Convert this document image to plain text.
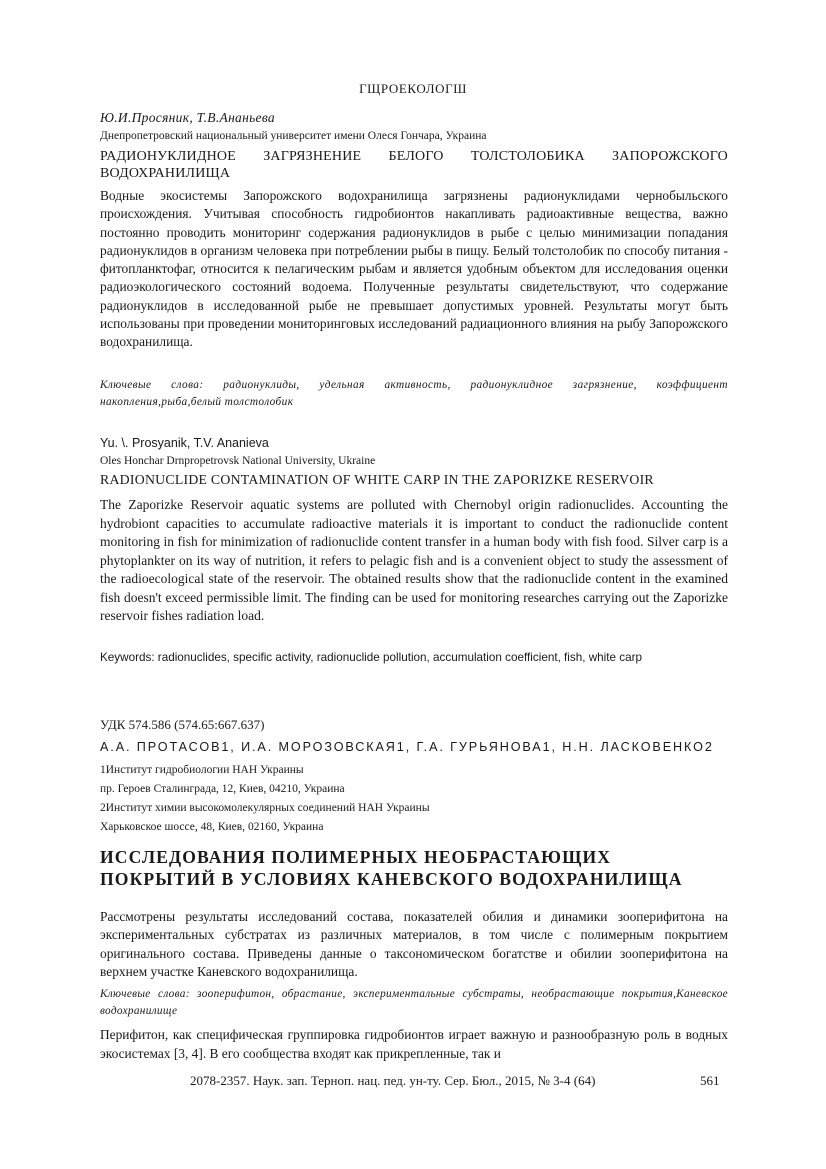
ГЩРОЕКОЛОГШ
Ю.И.Просяник, Т.В.Ананьева
Днепропетровский национальный университет имени Олеся Гончара, Украина
РАДИОНУКЛИДНОЕ ЗАГРЯЗНЕНИЕ БЕЛОГО ТОЛСТОЛОБИКА ЗАПОРОЖСКОГО ВОДОХРАНИЛИЩА
Водные экосистемы Запорожского водохранилища загрязнены радионуклидами чернобыльского происхождения. Учитывая способность гидробионтов накапливать радиоактивные вещества, важно постоянно проводить мониторинг содержания радионуклидов в рыбе с целью минимизации попадания радионуклидов в организм человека при потреблении рыбы в пищу. Белый толстолобик по способу питания - фитопланктофаг, относится к пелагическим рыбам и является удобным объектом для исследования оценки радиоэкологического состояний водоема. Полученные результаты свидетельствуют, что содержание радионуклидов в исследованной рыбе не превышает допустимых уровней. Результаты могут быть использованы при проведении мониторинговых исследований радиационного влияния на рыбу Запорожского водохранилища.
Ключевые слова: радионуклиды, удельная активность, радионуклидное загрязнение, коэффициент накопления,рыба,белый толстолобик
Yu. \. Prosyanik, T.V. Ananieva
Oles Honchar Drnpropetrovsk National University, Ukraine
RADIONUCLIDE CONTAMINATION OF WHITE CARP IN THE ZAPORIZKE RESERVOIR
The Zaporizke Reservoir aquatic systems are polluted with Chernobyl origin radionuclides. Accounting the hydrobiont capacities to accumulate radioactive materials it is important to conduct the radionuclide content monitoring in fish for minimization of radionuclide content transfer in a human body with fish food. Silver carp is a phytoplankter on its way of nutrition, it refers to pelagic fish and is a convenient object to study the assessment of the radioecological state of the reservoir. The obtained results show that the radionuclide content in the examined fish doesn't exceed permissible limit. The finding can be used for monitoring researches carrying out the Zaporizke reservoir fishes radiation load.
Keywords: radionuclides, specific activity, radionuclide pollution, accumulation coefficient, fish, white carp
УДК 574.586 (574.65:667.637)
А.А. ПРОТАСОВ1, И.А. МОРОЗОВСКАЯ1, Г.А. ГУРЬЯНОВА1, Н.Н. ЛАСКОВЕНКО2
1Институт гидробиологии НАН Украины
пр. Героев Сталинграда, 12, Киев, 04210, Украина
2Институт химии высокомолекулярных соединений НАН Украины
Харьковское шоссе, 48, Киев, 02160, Украина
ИССЛЕДОВАНИЯ ПОЛИМЕРНЫХ НЕОБРАСТАЮЩИХ
ПОКРЫТИЙ В УСЛОВИЯХ КАНЕВСКОГО ВОДОХРАНИЛИЩА
Рассмотрены результаты исследований состава, показателей обилия и динамики зооперифитона на экспериментальных субстратах из различных материалов, в том числе с полимерным покрытием оригинального состава. Приведены данные о таксономическом богатстве и обилии зооперифитона на верхнем участке Каневского водохранилища.
Ключевые слова: зооперифитон, обрастание, экспериментальные субстраты, необрастающие покрытия,Каневское водохранилище
Перифитон, как специфическая группировка гидробионтов играет важную и разнообразную роль в водных экосистемах [3, 4]. В его сообщества входят как прикрепленные, так и
2078-2357. Наук. зап. Терноп. нац. пед. ун-ту. Сер. Бюл., 2015, № 3-4 (64)	561
